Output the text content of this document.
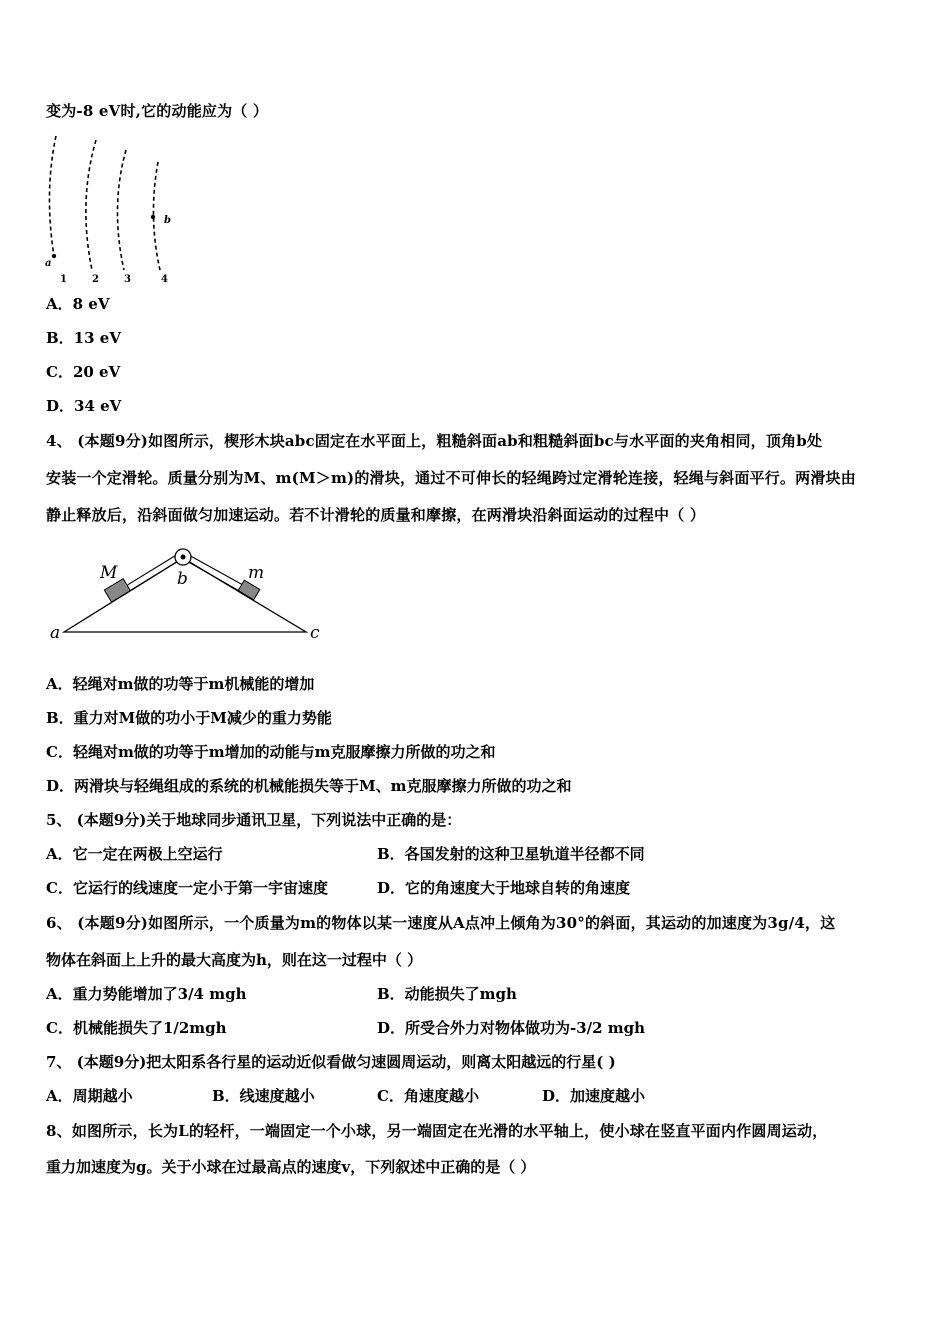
变为-8 eV时,它的动能应为（ ）
a
b
1	2	3	4
A．8 eV
B．13 eV
C．20 eV
D．34 eV
4、 (本题9分)如图所示，楔形木块abc固定在水平面上，粗糙斜面ab和粗糙斜面bc与水平面的夹角相同，顶角b处
安装一个定滑轮。质量分别为M、m(M＞m)的滑块，通过不可伸长的轻绳跨过定滑轮连接，轻绳与斜面平行。两滑块由
静止释放后，沿斜面做匀加速运动。若不计滑轮的质量和摩擦，在两滑块沿斜面运动的过程中（ ）
M	b	m
a	c
A．轻绳对m做的功等于m机械能的增加
B．重力对M做的功小于M减少的重力势能
C．轻绳对m做的功等于m增加的动能与m克服摩擦力所做的功之和
D．两滑块与轻绳组成的系统的机械能损失等于M、m克服摩擦力所做的功之和
5、 (本题9分)关于地球同步通讯卫星，下列说法中正确的是：
A．它一定在两极上空运行	B．各国发射的这种卫星轨道半径都不同
C．它运行的线速度一定小于第一宇宙速度	D．它的角速度大于地球自转的角速度
6、 (本题9分)如图所示，一个质量为m的物体以某一速度从A点冲上倾角为30°的斜面，其运动的加速度为3g/4，这
物体在斜面上上升的最大高度为h，则在这一过程中（ ）
A．重力势能增加了3/4 mgh	B．动能损失了mgh
C．机械能损失了1/2mgh	D．所受合外力对物体做功为-3/2 mgh
7、 (本题9分)把太阳系各行星的运动近似看做匀速圆周运动，则离太阳越远的行星( )
A．周期越小	B．线速度越小	C．角速度越小	D．加速度越小
8、如图所示，长为L的轻杆，一端固定一个小球，另一端固定在光滑的水平轴上，使小球在竖直平面内作圆周运动，
重力加速度为g。关于小球在过最高点的速度v，下列叙述中正确的是（ ）
